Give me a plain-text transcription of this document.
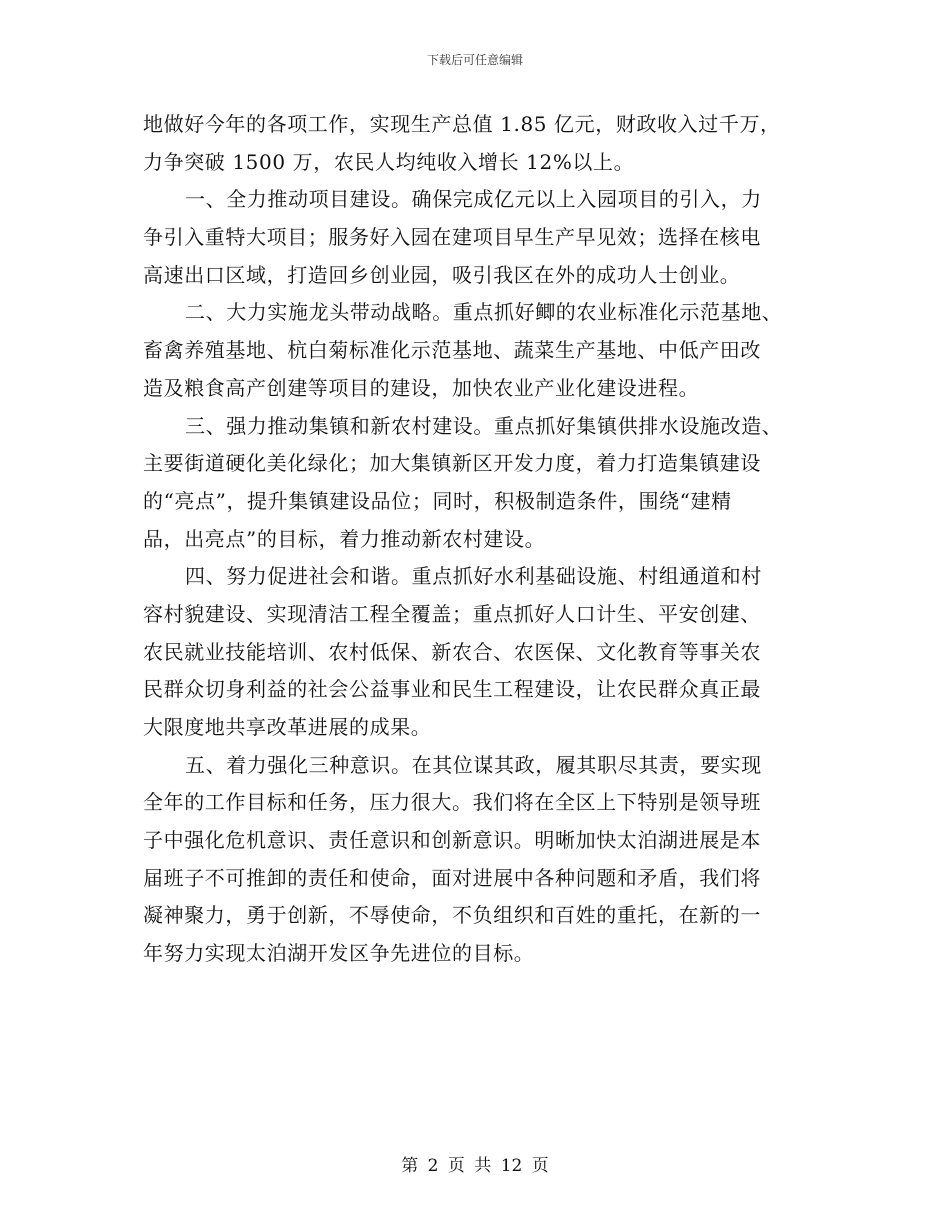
下载后可任意编辑
地做好今年的各项工作，实现生产总值 1.85 亿元，财政收入过千万，
力争突破 1500 万，农民人均纯收入增长 12%以上。
一、全力推动项目建设。确保完成亿元以上入园项目的引入，力
争引入重特大项目；服务好入园在建项目早生产早见效；选择在核电
高速出口区域，打造回乡创业园，吸引我区在外的成功人士创业。
二、大力实施龙头带动战略。重点抓好鲫的农业标准化示范基地、
畜禽养殖基地、杭白菊标准化示范基地、蔬菜生产基地、中低产田改
造及粮食高产创建等项目的建设，加快农业产业化建设进程。
三、强力推动集镇和新农村建设。重点抓好集镇供排水设施改造、
主要街道硬化美化绿化；加大集镇新区开发力度，着力打造集镇建设
的“亮点”，提升集镇建设品位；同时，积极制造条件，围绕“建精
品，出亮点”的目标，着力推动新农村建设。
四、努力促进社会和谐。重点抓好水利基础设施、村组通道和村
容村貌建设、实现清洁工程全覆盖；重点抓好人口计生、平安创建、
农民就业技能培训、农村低保、新农合、农医保、文化教育等事关农
民群众切身利益的社会公益事业和民生工程建设，让农民群众真正最
大限度地共享改革进展的成果。
五、着力强化三种意识。在其位谋其政，履其职尽其责，要实现
全年的工作目标和任务，压力很大。我们将在全区上下特别是领导班
子中强化危机意识、责任意识和创新意识。明晰加快太泊湖进展是本
届班子不可推卸的责任和使命，面对进展中各种问题和矛盾，我们将
凝神聚力，勇于创新，不辱使命，不负组织和百姓的重托，在新的一
年努力实现太泊湖开发区争先进位的目标。
第 2 页 共 12 页
